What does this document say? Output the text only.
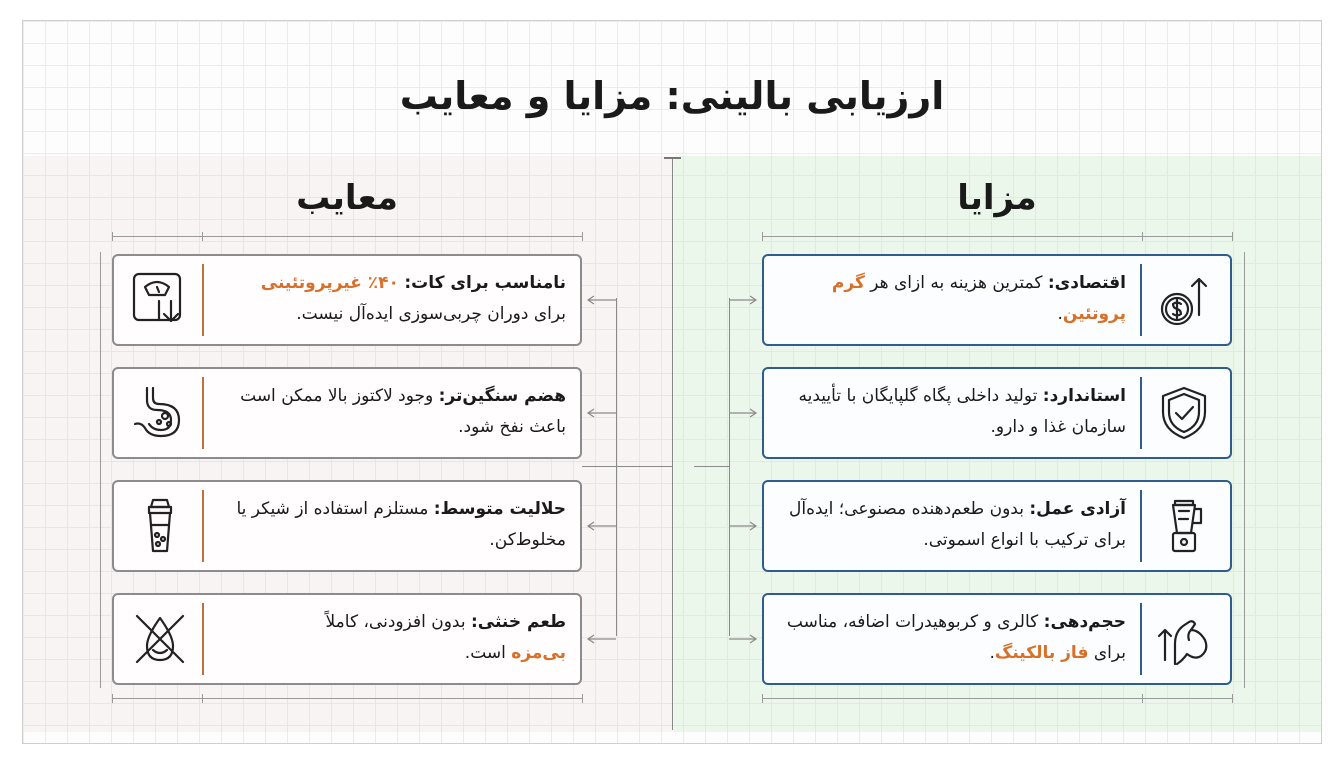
ارزیابی بالینی: مزایا و معایب
معایب	مزایا
نامناسب برای کات: ۴۰٪ غیرپروتئینی
برای دوران چربی‌سوزی ایده‌آل نیست.
هضم سنگین‌تر: وجود لاکتوز بالا ممکن است باعث نفخ شود.
حلالیت متوسط: مستلزم استفاده از شیکر یا مخلوط‌کن.
طعم خنثی: بدون افزودنی، کاملاً
بی‌مزه است.
اقتصادی: کمترین هزینه به ازای هر گرم پروتئین.
استاندارد: تولید داخلی پگاه گلپایگان با تأییدیه سازمان غذا و دارو.
آزادی عمل: بدون طعم‌دهنده مصنوعی؛ ایده‌آل برای ترکیب با انواع اسموتی.
حجم‌دهی: کالری و کربوهیدرات اضافه، مناسب برای فاز بالکینگ.
